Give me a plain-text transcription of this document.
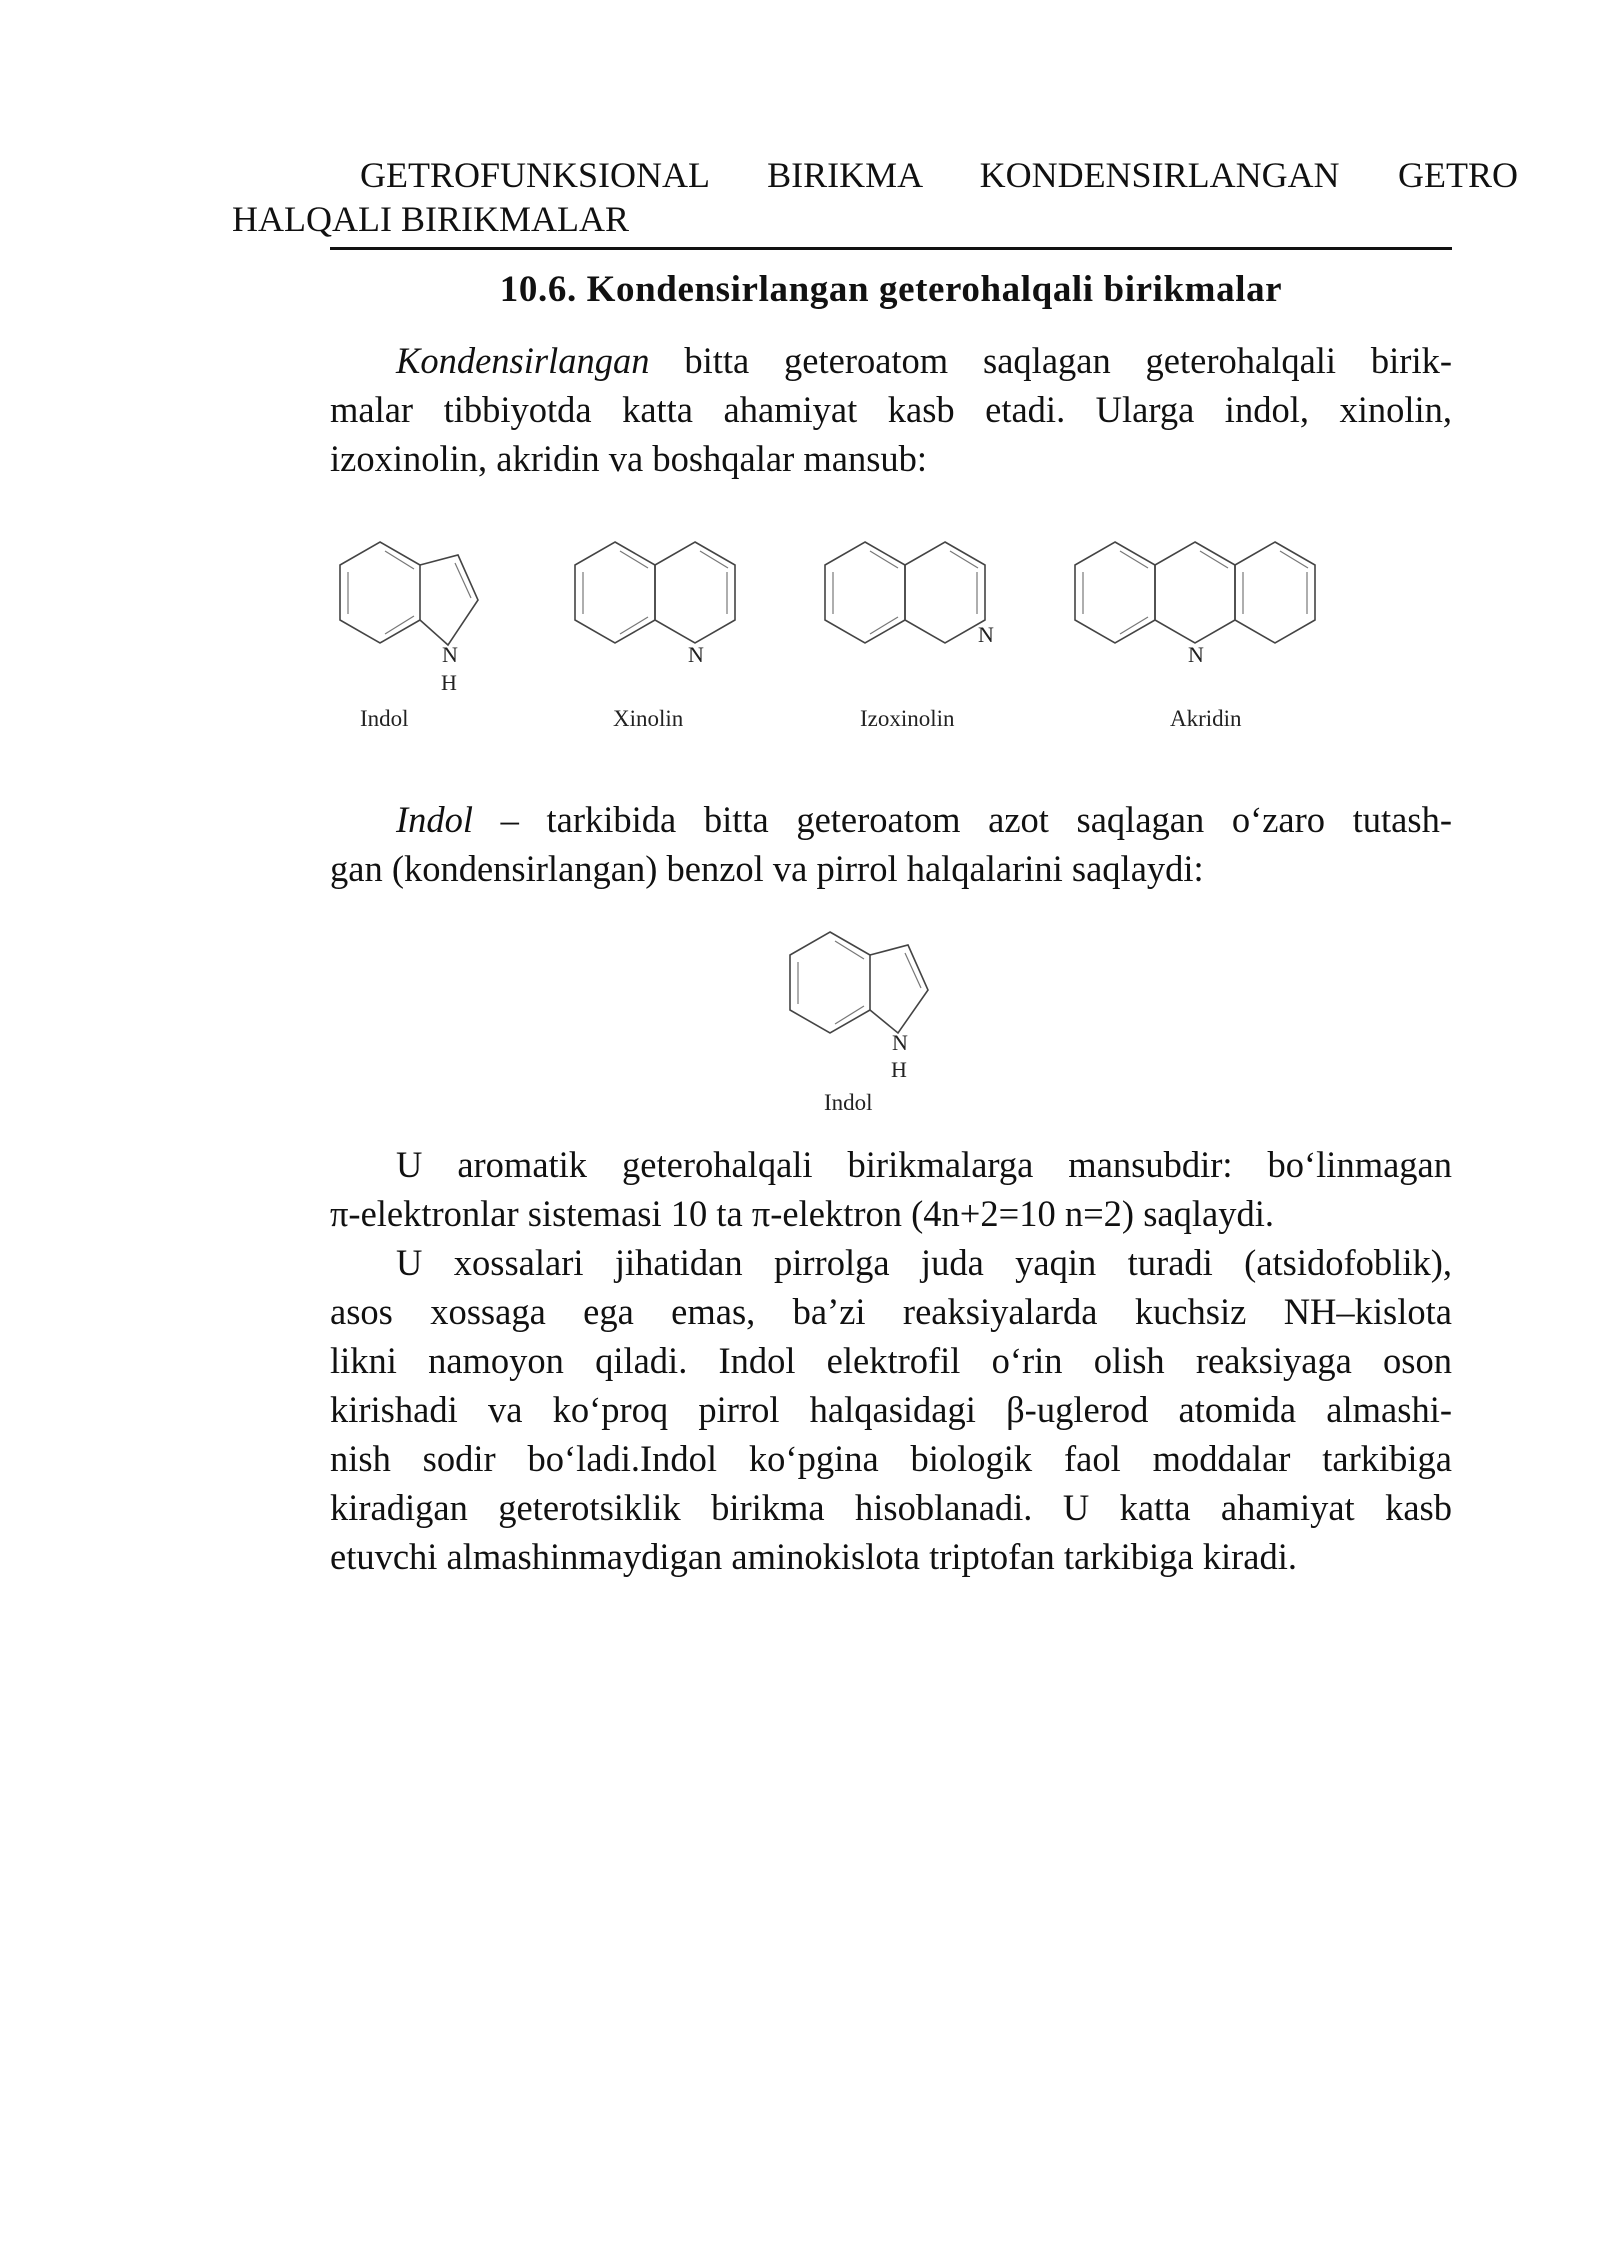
GETROFUNKSIONAL BIRIKMA KONDENSIRLANGAN GETRO
HALQALI BIRIKMALAR
10.6. Kondensirlangan geterohalqali birikmalar
Kondensirlangan bitta geteroatom saqlagan geterohalqali birik-
malar tibbiyotda katta ahamiyat kasb etadi. Ularga indol, xinolin,
izoxinolin, akridin va boshqalar mansub:
N
H
Indol
N
Xinolin
N
Izoxinolin
N
Akridin
Indol – tarkibida bitta geteroatom azot saqlagan o‘zaro tutash-
gan (kondensirlangan) benzol va pirrol halqalarini saqlaydi:
N
H
Indol
U aromatik geterohalqali birikmalarga mansubdir: bo‘linmagan
π-elektronlar sistemasi 10 ta π-elektron (4n+2=10 n=2) saqlaydi.
U xossalari jihatidan pirrolga juda yaqin turadi (atsidofoblik),
asos xossaga ega emas, ba’zi reaksiyalarda kuchsiz NH–kislota
likni namoyon qiladi. Indol elektrofil o‘rin olish reaksiyaga oson
kirishadi va ko‘proq pirrol halqasidagi β-uglerod atomida almashi-
nish sodir bo‘ladi.Indol ko‘pgina biologik faol moddalar tarkibiga
kiradigan geterotsiklik birikma hisoblanadi. U katta ahamiyat kasb
etuvchi almashinmaydigan aminokislota triptofan tarkibiga kiradi.
